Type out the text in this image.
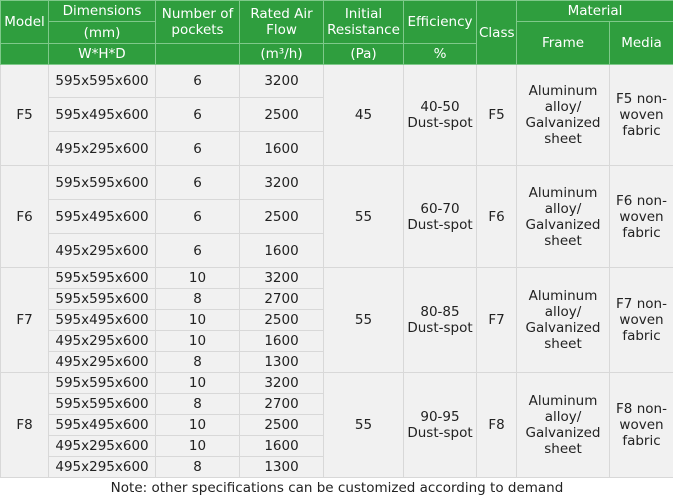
Model	Dimensions	Number of pockets	Rated Air Flow	Initial Resistance	Efficiency	Class	Material	
	(mm)						Frame	Media
	W*H*D		(m³/h)	(Pa)	%			
F5	595x595x600	6	3200	45	40-50 Dust-spot	F5	Aluminum alloy/ Galvanized sheet	F5 non-woven fabric
	595x495x600	6	2500					
	495x295x600	6	1600					
F6	595x595x600	6	3200	55	60-70 Dust-spot	F6	Aluminum alloy/ Galvanized sheet	F6 non-woven fabric
	595x495x600	6	2500					
	495x295x600	6	1600					
F7	595x595x600	10	3200	55	80-85 Dust-spot	F7	Aluminum alloy/ Galvanized sheet	F7 non-woven fabric
	595x595x600	8	2700					
	595x495x600	10	2500					
	495x295x600	10	1600					
	495x295x600	8	1300					
F8	595x595x600	10	3200	55	90-95 Dust-spot	F8	Aluminum alloy/ Galvanized sheet	F8 non-woven fabric
	595x595x600	8	2700					
	595x495x600	10	2500					
	495x295x600	10	1600					
	495x295x600	8	1300					
Note: other specifications can be customized according to demand								
